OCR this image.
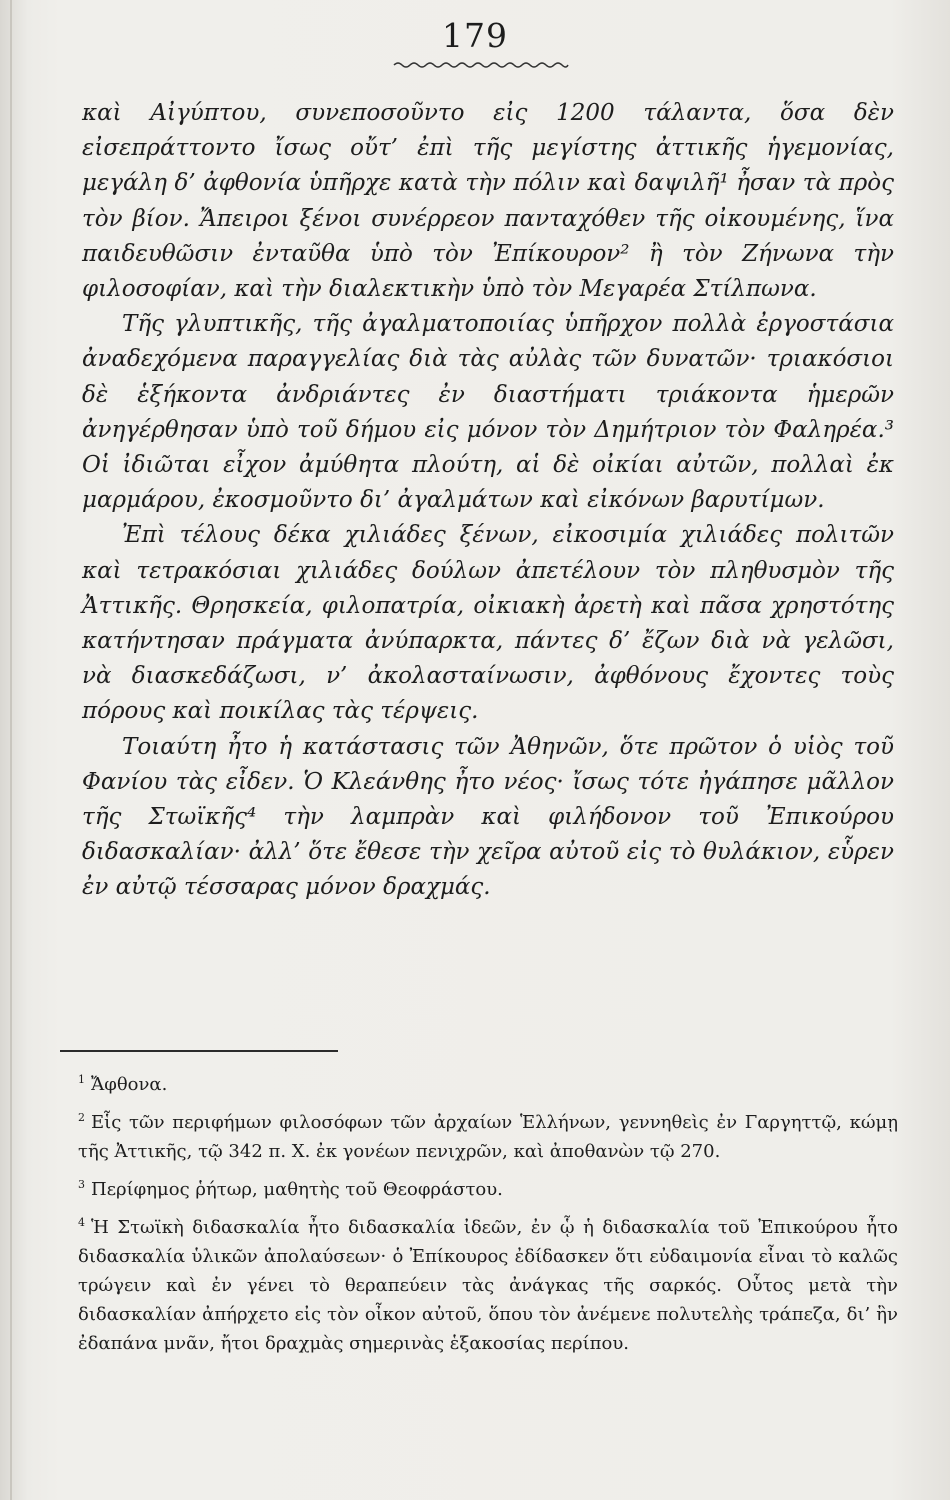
179

καὶ Αἰγύπτου, συνεποσοῦντο εἰς 1200 τάλαντα, ὅσα δὲν εἰσεπράττοντο ἴσως οὔτ’ ἐπὶ τῆς μεγίστης ἀττικῆς ἡγεμονίας, μεγάλη δ’ ἀφθονία ὑπῆρχε κατὰ τὴν πόλιν καὶ δαψιλῆ¹ ἦσαν τὰ πρὸς τὸν βίον. Ἄπειροι ξένοι συνέρρεον πανταχόθεν τῆς οἰκουμένης, ἵνα παιδευθῶσιν ἐνταῦθα ὑπὸ τὸν Ἐπίκουρον² ἢ τὸν Ζήνωνα τὴν φιλοσοφίαν, καὶ τὴν διαλεκτικὴν ὑπὸ τὸν Μεγαρέα Στίλπωνα.

Τῆς γλυπτικῆς, τῆς ἀγαλματοποιίας ὑπῆρχον πολλὰ ἐργοστάσια ἀναδεχόμενα παραγγελίας διὰ τὰς αὐλὰς τῶν δυνατῶν· τριακόσιοι δὲ ἑξήκοντα ἀνδριάντες ἐν διαστήματι τριάκοντα ἡμερῶν ἀνηγέρθησαν ὑπὸ τοῦ δήμου εἰς μόνον τὸν Δημήτριον τὸν Φαληρέα.³ Οἱ ἰδιῶται εἶχον ἀμύθητα πλούτη, αἱ δὲ οἰκίαι αὐτῶν, πολλαὶ ἐκ μαρμάρου, ἐκοσμοῦντο δι’ ἀγαλμάτων καὶ εἰκόνων βαρυτίμων.

Ἐπὶ τέλους δέκα χιλιάδες ξένων, εἰκοσιμία χιλιάδες πολιτῶν καὶ τετρακόσιαι χιλιάδες δούλων ἀπετέλουν τὸν πληθυσμὸν τῆς Ἀττικῆς. Θρησκεία, φιλοπατρία, οἰκιακὴ ἀρετὴ καὶ πᾶσα χρηστότης κατήντησαν πράγματα ἀνύπαρκτα, πάντες δ’ ἔζων διὰ νὰ γελῶσι, νὰ διασκεδάζωσι, ν’ ἀκολασταίνωσιν, ἀφθόνους ἔχοντες τοὺς πόρους καὶ ποικίλας τὰς τέρψεις.

Τοιαύτη ἦτο ἡ κατάστασις τῶν Ἀθηνῶν, ὅτε πρῶτον ὁ υἱὸς τοῦ Φανίου τὰς εἶδεν. Ὁ Κλεάνθης ἦτο νέος· ἴσως τότε ἠγάπησε μᾶλλον τῆς Στωϊκῆς⁴ τὴν λαμπρὰν καὶ φιλήδονον τοῦ Ἐπικούρου διδασκαλίαν· ἀλλ’ ὅτε ἔθεσε τὴν χεῖρα αὐτοῦ εἰς τὸ θυλάκιον, εὗρεν ἐν αὐτῷ τέσσαρας μόνον δραχμάς.

$^1$ Ἄφθονα.

$^2$ Εἷς τῶν περιφήμων φιλοσόφων τῶν ἀρχαίων Ἑλλήνων, γεννηθεὶς ἐν Γαργηττῷ, κώμῃ τῆς Ἀττικῆς, τῷ 342 π. Χ. ἐκ γονέων πενιχρῶν, καὶ ἀποθανὼν τῷ 270.

$^3$ Περίφημος ῥήτωρ, μαθητὴς τοῦ Θεοφράστου.

$^4$ Ἡ Στωϊκὴ διδασκαλία ἦτο διδασκαλία ἰδεῶν, ἐν ᾧ ἡ διδασκαλία τοῦ Ἐπικούρου ἦτο διδασκαλία ὑλικῶν ἀπολαύσεων· ὁ Ἐπίκουρος ἐδίδασκεν ὅτι εὐδαιμονία εἶναι τὸ καλῶς τρώγειν καὶ ἐν γένει τὸ θεραπεύειν τὰς ἀνάγκας τῆς σαρκός. Οὗτος μετὰ τὴν διδασκαλίαν ἀπήρχετο εἰς τὸν οἶκον αὐτοῦ, ὅπου τὸν ἀνέμενε πολυτελὴς τράπεζα, δι’ ἣν ἐδαπάνα μνᾶν, ἤτοι δραχμὰς σημερινὰς ἑξακοσίας περίπου.
